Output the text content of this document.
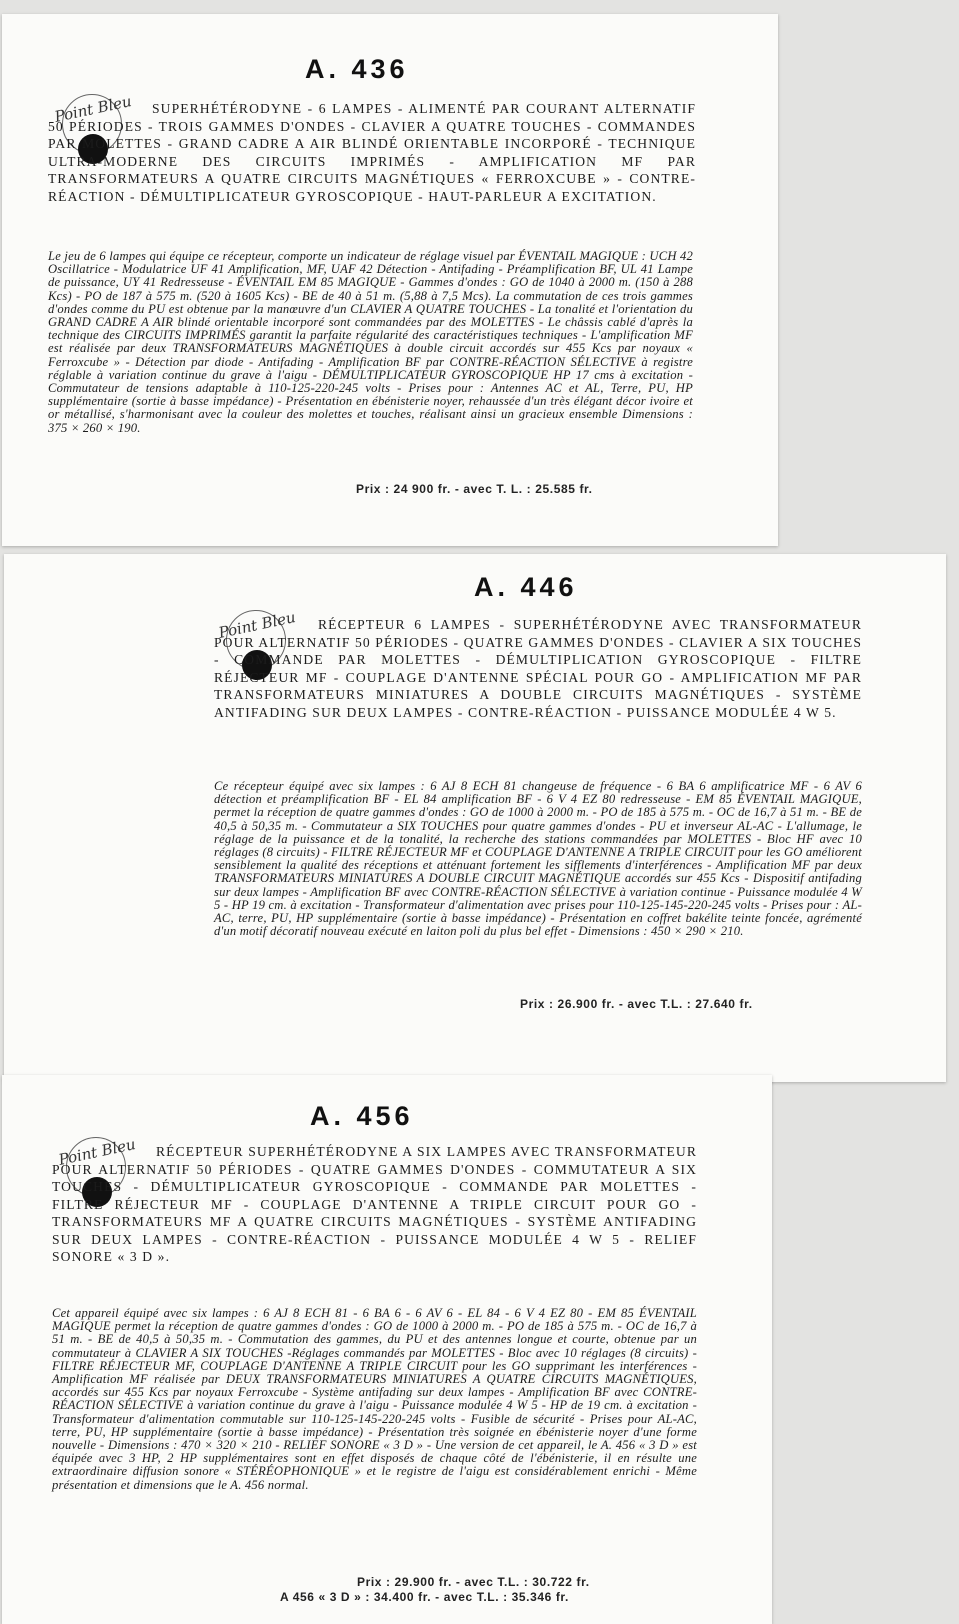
A. 436
Point Bleu	SUPERHÉTÉRODYNE - 6 LAMPES - ALIMENTÉ PAR COURANT ALTERNATIF 50 PÉRIODES - TROIS GAMMES D'ONDES - CLAVIER A QUATRE TOUCHES - COMMANDES PAR MOLETTES - GRAND CADRE A AIR BLINDÉ ORIENTABLE INCORPORÉ - TECHNIQUE ULTRA-MODERNE DES CIRCUITS IMPRIMÉS - AMPLIFICATION MF PAR TRANSFORMATEURS A QUATRE CIRCUITS MAGNÉTIQUES « FERROXCUBE » - CONTRE-RÉACTION - DÉMULTIPLICATEUR GYROSCOPIQUE - HAUT-PARLEUR A EXCITATION.
Le jeu de 6 lampes qui équipe ce récepteur, comporte un indicateur de réglage visuel par ÉVENTAIL MAGIQUE : UCH 42 Oscillatrice - Modulatrice UF 41 Amplification, MF, UAF 42 Détection - Antifading - Préamplification BF, UL 41 Lampe de puissance, UY 41 Redresseuse - ÉVENTAIL EM 85 MAGIQUE - Gammes d'ondes : GO de 1040 à 2000 m. (150 à 288 Kcs) - PO de 187 à 575 m. (520 à 1605 Kcs) - BE de 40 à 51 m. (5,88 à 7,5 Mcs). La commutation de ces trois gammes d'ondes comme du PU est obtenue par la manœuvre d'un CLAVIER A QUATRE TOUCHES - La tonalité et l'orientation du GRAND CADRE A AIR blindé orientable incorporé sont commandées par des MOLETTES - Le châssis cablé d'après la technique des CIRCUITS IMPRIMÉS garantit la parfaite régularité des caractéristiques techniques - L'amplification MF est réalisée par deux TRANSFORMATEURS MAGNÉTIQUES à double circuit accordés sur 455 Kcs par noyaux « Ferroxcube » - Détection par diode - Antifading - Amplification BF par CONTRE-RÉACTION SÉLECTIVE à registre réglable à variation continue du grave à l'aigu - DÉMULTIPLICATEUR GYROSCOPIQUE HP 17 cms à excitation - Commutateur de tensions adaptable à 110-125-220-245 volts - Prises pour : Antennes AC et AL, Terre, PU, HP supplémentaire (sortie à basse impédance) - Présentation en ébénisterie noyer, rehaussée d'un très élégant décor ivoire et or métallisé, s'harmonisant avec la couleur des molettes et touches, réalisant ainsi un gracieux ensemble Dimensions : 375 × 260 × 190.
Prix : 24 900 fr. - avec T. L. : 25.585 fr.
A. 446
Point Bleu	RÉCEPTEUR 6 LAMPES - SUPERHÉTÉRODYNE AVEC TRANSFORMATEUR POUR ALTERNATIF 50 PÉRIODES - QUATRE GAMMES D'ONDES - CLAVIER A SIX TOUCHES - COMMANDE PAR MOLETTES - DÉMULTIPLICATION GYROSCOPIQUE - FILTRE RÉJECTEUR MF - COUPLAGE D'ANTENNE SPÉCIAL POUR GO - AMPLIFICATION MF PAR TRANSFORMATEURS MINIATURES A DOUBLE CIRCUITS MAGNÉTIQUES - SYSTÈME ANTIFADING SUR DEUX LAMPES - CONTRE-RÉACTION - PUISSANCE MODULÉE 4 W 5.
Ce récepteur équipé avec six lampes : 6 AJ 8 ECH 81 changeuse de fréquence - 6 BA 6 amplificatrice MF - 6 AV 6 détection et préamplification BF - EL 84 amplification BF - 6 V 4 EZ 80 redresseuse - EM 85 ÉVENTAIL MAGIQUE, permet la réception de quatre gammes d'ondes : GO de 1000 à 2000 m. - PO de 185 à 575 m. - OC de 16,7 à 51 m. - BE de 40,5 à 50,35 m. - Commutateur a SIX TOUCHES pour quatre gammes d'ondes - PU et inverseur AL-AC - L'allumage, le réglage de la puissance et de la tonalité, la recherche des stations commandées par MOLETTES - Bloc HF avec 10 réglages (8 circuits) - FILTRE RÉJECTEUR MF et COUPLAGE D'ANTENNE A TRIPLE CIRCUIT pour les GO améliorent sensiblement la qualité des réceptions et atténuant fortement les sifflements d'interférences - Amplification MF par deux TRANSFORMATEURS MINIATURES A DOUBLE CIRCUIT MAGNÉTIQUE accordés sur 455 Kcs - Dispositif antifading sur deux lampes - Amplification BF avec CONTRE-RÉACTION SÉLECTIVE à variation continue - Puissance modulée 4 W 5 - HP 19 cm. à excitation - Transformateur d'alimentation avec prises pour 110-125-145-220-245 volts - Prises pour : AL-AC, terre, PU, HP supplémentaire (sortie à basse impédance) - Présentation en coffret bakélite teinte foncée, agrémenté d'un motif décoratif nouveau exécuté en laiton poli du plus bel effet - Dimensions : 450 × 290 × 210.
Prix : 26.900 fr. - avec T.L. : 27.640 fr.
A. 456
Point Bleu	RÉCEPTEUR SUPERHÉTÉRODYNE A SIX LAMPES AVEC TRANSFORMATEUR POUR ALTERNATIF 50 PÉRIODES - QUATRE GAMMES D'ONDES - COMMUTATEUR A SIX TOUCHES - DÉMULTIPLICATEUR GYROSCOPIQUE - COMMANDE PAR MOLETTES - FILTRE RÉJECTEUR MF - COUPLAGE D'ANTENNE A TRIPLE CIRCUIT POUR GO - TRANSFORMATEURS MF A QUATRE CIRCUITS MAGNÉTIQUES - SYSTÈME ANTIFADING SUR DEUX LAMPES - CONTRE-RÉACTION - PUISSANCE MODULÉE 4 W 5 - RELIEF SONORE « 3 D ».
Cet appareil équipé avec six lampes : 6 AJ 8 ECH 81 - 6 BA 6 - 6 AV 6 - EL 84 - 6 V 4 EZ 80 - EM 85 ÉVENTAIL MAGIQUE permet la réception de quatre gammes d'ondes : GO de 1000 à 2000 m. - PO de 185 à 575 m. - OC de 16,7 à 51 m. - BE de 40,5 à 50,35 m. - Commutation des gammes, du PU et des antennes longue et courte, obtenue par un commutateur à CLAVIER A SIX TOUCHES -Réglages commandés par MOLETTES - Bloc avec 10 réglages (8 circuits) - FILTRE RÉJECTEUR MF, COUPLAGE D'ANTENNE A TRIPLE CIRCUIT pour les GO supprimant les interférences - Amplification MF réalisée par DEUX TRANSFORMATEURS MINIATURES A QUATRE CIRCUITS MAGNÉTIQUES, accordés sur 455 Kcs par noyaux Ferroxcube - Système antifading sur deux lampes - Amplification BF avec CONTRE-RÉACTION SÉLECTIVE à variation continue du grave à l'aigu - Puissance modulée 4 W 5 - HP de 19 cm. à excitation - Transformateur d'alimentation commutable sur 110-125-145-220-245 volts - Fusible de sécurité - Prises pour AL-AC, terre, PU, HP supplémentaire (sortie à basse impédance) - Présentation très soignée en ébénisterie noyer d'une forme nouvelle - Dimensions : 470 × 320 × 210 - RELIEF SONORE « 3 D » - Une version de cet appareil, le A. 456 « 3 D » est équipée avec 3 HP, 2 HP supplémentaires sont en effet disposés de chaque côté de l'ébénisterie, il en résulte une extraordinaire diffusion sonore « STÉRÉOPHONIQUE » et le registre de l'aigu est considérablement enrichi - Même présentation et dimensions que le A. 456 normal.
Prix : 29.900 fr. - avec T.L. : 30.722 fr.
A 456 « 3 D » : 34.400 fr. - avec T.L. : 35.346 fr.
